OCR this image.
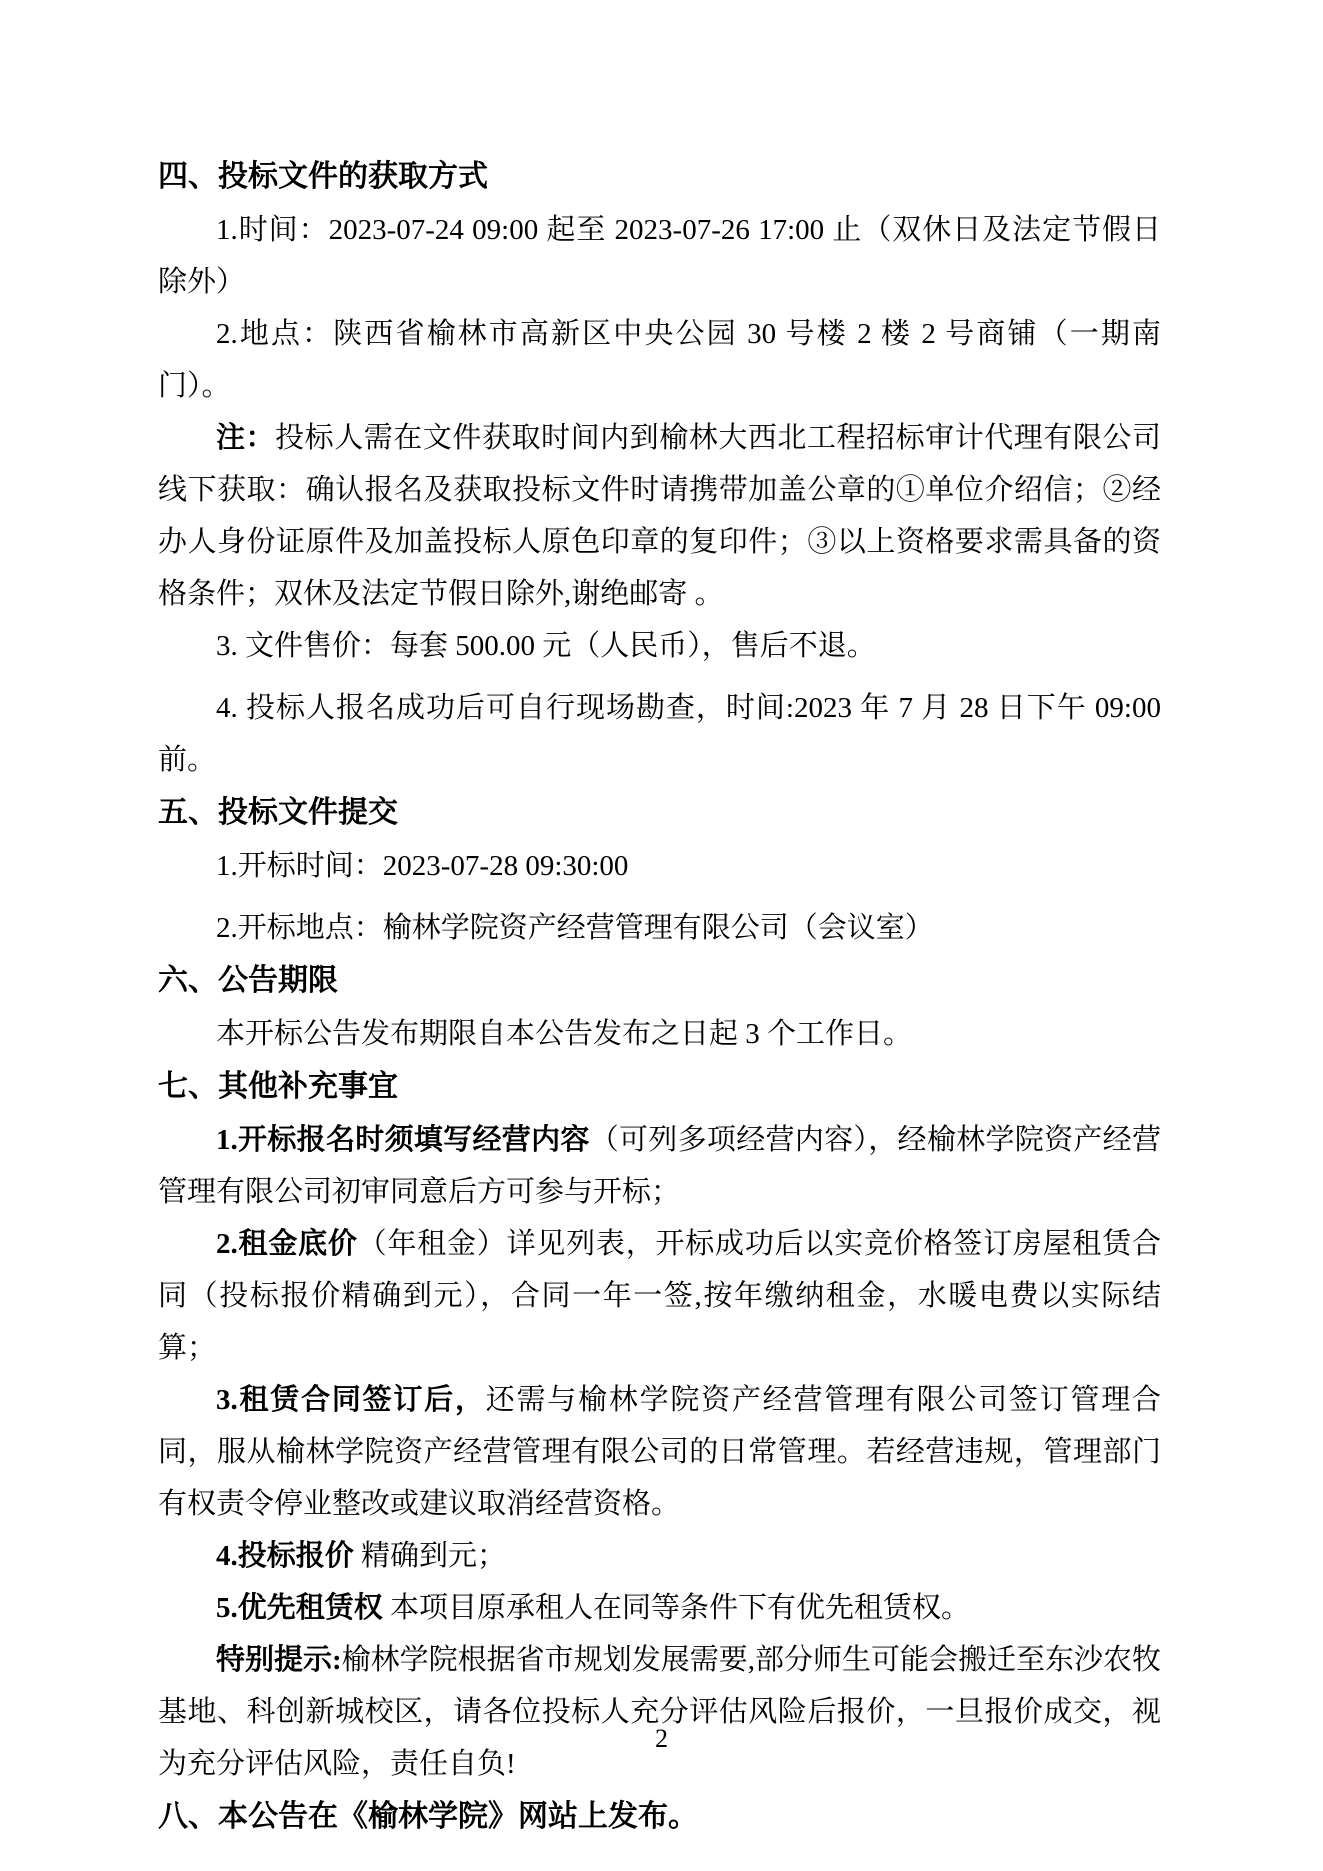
四、投标文件的获取方式

1.时间：2023-07-24 09:00 起至 2023-07-26 17:00 止（双休日及法定节假日除外）

2.地点：陕西省榆林市高新区中央公园 30 号楼 2 楼 2 号商铺（一期南门）。

注：投标人需在文件获取时间内到榆林大西北工程招标审计代理有限公司线下获取：确认报名及获取投标文件时请携带加盖公章的①单位介绍信；②经办人身份证原件及加盖投标人原色印章的复印件；③以上资格要求需具备的资格条件；双休及法定节假日除外,谢绝邮寄 。

3. 文件售价：每套 500.00 元（人民币），售后不退。

4. 投标人报名成功后可自行现场勘查，时间:2023 年 7 月 28 日下午 09:00 前。

五、投标文件提交

1.开标时间：2023-07-28 09:30:00

2.开标地点：榆林学院资产经营管理有限公司（会议室）

六、公告期限

本开标公告发布期限自本公告发布之日起 3 个工作日。

七、其他补充事宜

1.开标报名时须填写经营内容（可列多项经营内容），经榆林学院资产经营管理有限公司初审同意后方可参与开标；

2.租金底价（年租金）详见列表，开标成功后以实竞价格签订房屋租赁合同（投标报价精确到元），合同一年一签,按年缴纳租金，水暖电费以实际结算；

3.租赁合同签订后，还需与榆林学院资产经营管理有限公司签订管理合同，服从榆林学院资产经营管理有限公司的日常管理。若经营违规，管理部门有权责令停业整改或建议取消经营资格。

4.投标报价 精确到元；

5.优先租赁权 本项目原承租人在同等条件下有优先租赁权。

特别提示:榆林学院根据省市规划发展需要,部分师生可能会搬迁至东沙农牧基地、科创新城校区，请各位投标人充分评估风险后报价，一旦报价成交，视为充分评估风险，责任自负!

八、本公告在《榆林学院》网站上发布。
2
